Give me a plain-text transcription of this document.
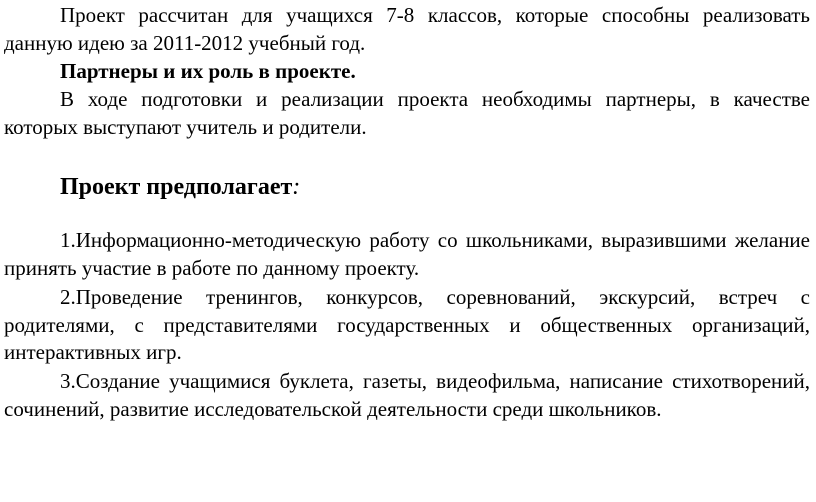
Проект рассчитан для учащихся 7-8 классов, которые способны реализовать данную идею за 2011-2012 учебный год.

Партнеры и их роль в проекте.

В ходе подготовки и реализации проекта необходимы партнеры, в качестве которых выступают учитель и родители.

Проект предполагает:

1.Информационно-методическую работу со школьниками, выразившими желание принять участие в работе по данному проекту.

2.Проведение тренингов, конкурсов, соревнований, экскурсий, встреч с родителями, с представителями государственных и общественных организаций, интерактивных игр.

3.Создание учащимися буклета, газеты, видеофильма, написание стихотворений, сочинений, развитие исследовательской деятельности среди школьников.
